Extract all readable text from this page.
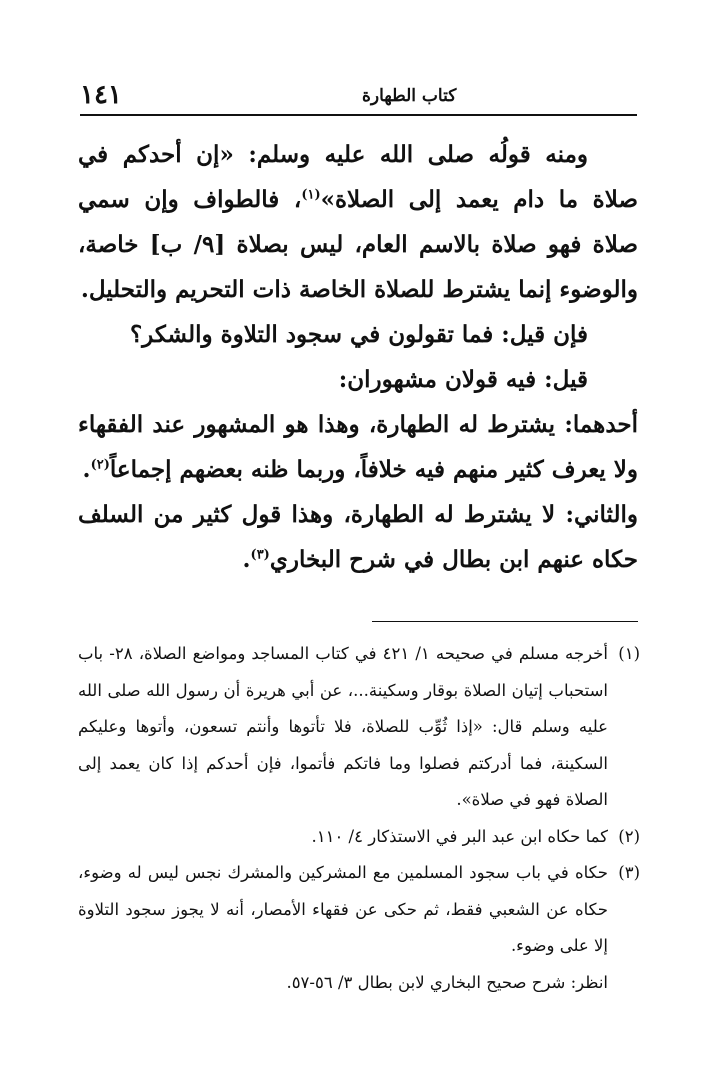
١٤١	كتاب الطهارة

ومنه قولُه صلى الله عليه وسلم: «إن أحدكم في صلاة ما دام يعمد إلى الصلاة»$^{(١)}$، فالطواف وإن سمي صلاة فهو صلاة بالاسم العام، ليس بصلاة [٩/ ب] خاصة، والوضوء إنما يشترط للصلاة الخاصة ذات التحريم والتحليل.

فإن قيل: فما تقولون في سجود التلاوة والشكر؟

قيل: فيه قولان مشهوران:

أحدهما: يشترط له الطهارة، وهذا هو المشهور عند الفقهاء ولا يعرف كثير منهم فيه خلافاً، وربما ظنه بعضهم إجماعاً$^{(٢)}$.

والثاني: لا يشترط له الطهارة، وهذا قول كثير من السلف حكاه عنهم ابن بطال في شرح البخاري$^{(٣)}$.

(١)
أخرجه مسلم في صحيحه ١/ ٤٢١ في كتاب المساجد ومواضع الصلاة، ٢٨- باب استحباب إتيان الصلاة بوقار وسكينة...، عن أبي هريرة أن رسول الله صلى الله عليه وسلم قال: «إذا ثُوِّب للصلاة، فلا تأتوها وأنتم تسعون، وأتوها وعليكم السكينة، فما أدركتم فصلوا وما فاتكم فأتموا، فإن أحدكم إذا كان يعمد إلى الصلاة فهو في صلاة».

(٢)
كما حكاه ابن عبد البر في الاستذكار ٤/ ١١٠.

(٣)
حكاه في باب سجود المسلمين مع المشركين والمشرك نجس ليس له وضوء، حكاه عن الشعبي فقط، ثم حكى عن فقهاء الأمصار، أنه لا يجوز سجود التلاوة إلا على وضوء.

انظر: شرح صحيح البخاري لابن بطال ٣/ ٥٦-٥٧.
